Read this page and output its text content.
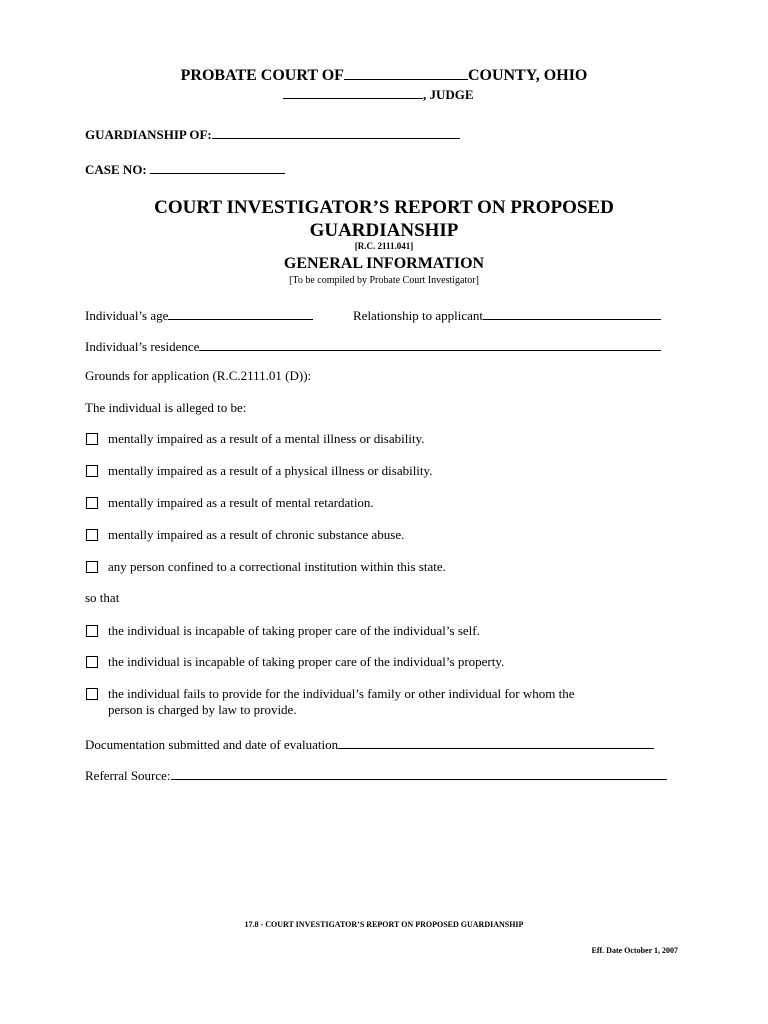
PROBATE COURT OF	COUNTY, OHIO
, JUDGE
GUARDIANSHIP OF:
CASE NO:
COURT INVESTIGATOR’S REPORT ON PROPOSED
GUARDIANSHIP
[R.C. 2111.041]
GENERAL INFORMATION
[To be compiled by Probate Court Investigator]
Individual’s age	Relationship to applicant
Individual’s residence
Grounds for application (R.C.2111.01 (D)):
The individual is alleged to be:
mentally impaired as a result of a mental illness or disability.
mentally impaired as a result of a physical illness or disability.
mentally impaired as a result of mental retardation.
mentally impaired as a result of chronic substance abuse.
any person confined to a correctional institution within this state.
so that
the individual is incapable of taking proper care of the individual’s self.
the individual is incapable of taking proper care of the individual’s property.
the individual fails to provide for the individual’s family or other individual for whom the
person is charged by law to provide.
Documentation submitted and date of evaluation
Referral Source:
17.8 - COURT INVESTIGATOR’S REPORT ON PROPOSED GUARDIANSHIP
Eff. Date October 1, 2007
